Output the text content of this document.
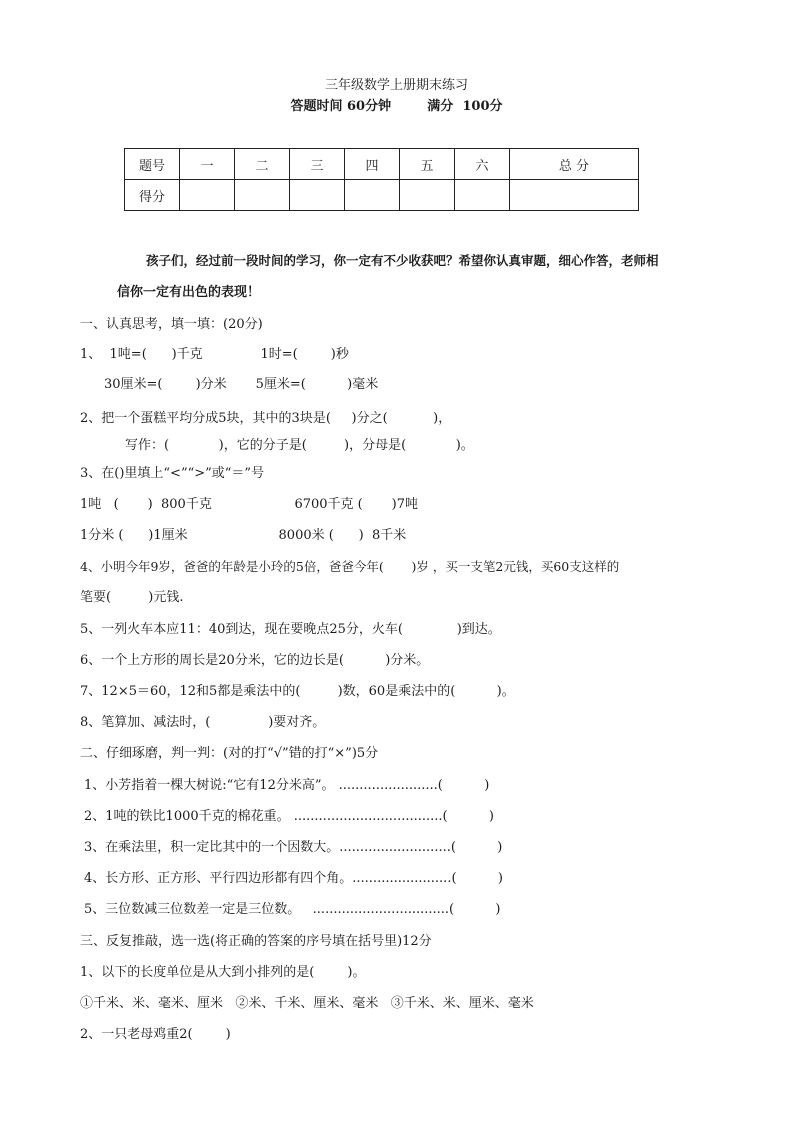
三年级数学上册期末练习
答题时间 60分钟        满分  100分
题号	一	二	三	四	五	六	总 分
得分							
孩子们，经过前一段时间的学习，你一定有不少收获吧？希望你认真审题，细心作答，老师相
信你一定有出色的表现！
一、认真思考，填一填：(20分)
1、  1吨=(      )千克              1时=(        )秒
30厘米=(        )分米       5厘米=(          )毫米
2、把一个蛋糕平均分成5块，其中的3块是(     )分之(           )，
写作：(            )，它的分子是(         )，分母是(            )。
3、在()里填上“<”“>”或“＝”号
1吨   (       )  800千克                    6700千克 (       )7吨
1分米 (      )1厘米                      8000米 (      )  8千米
4、小明今年9岁，爸爸的年龄是小玲的5倍，爸爸今年(       )岁 ，买一支笔2元钱，买60支这样的
笔要(         )元钱.
5、一列火车本应11：40到达，现在要晚点25分，火车(             )到达。
6、一个上方形的周长是20分米，它的边长是(          )分米。
7、12×5＝60，12和5都是乘法中的(         )数，60是乘法中的(          )。
8、笔算加、减法时，(              )要对齐。
二、仔细琢磨，判一判：(对的打“√”错的打“×”)5分
1、小芳指着一棵大树说:“它有12分米高”。 ........................(          )
2、1吨的铁比1000千克的棉花重。 ....................................(          )
3、在乘法里，积一定比其中的一个因数大。...........................(          )
4、长方形、正方形、平行四边形都有四个角。........................(          )
5、三位数减三位数差一定是三位数。   .................................(          )
三、反复推敲，选一选(将正确的答案的序号填在括号里)12分
1、以下的长度单位是从大到小排列的是(        )。
①千米、米、毫米、厘米   ②米、千米、厘米、毫米   ③千米、米、厘米、毫米
2、一只老母鸡重2(        )
